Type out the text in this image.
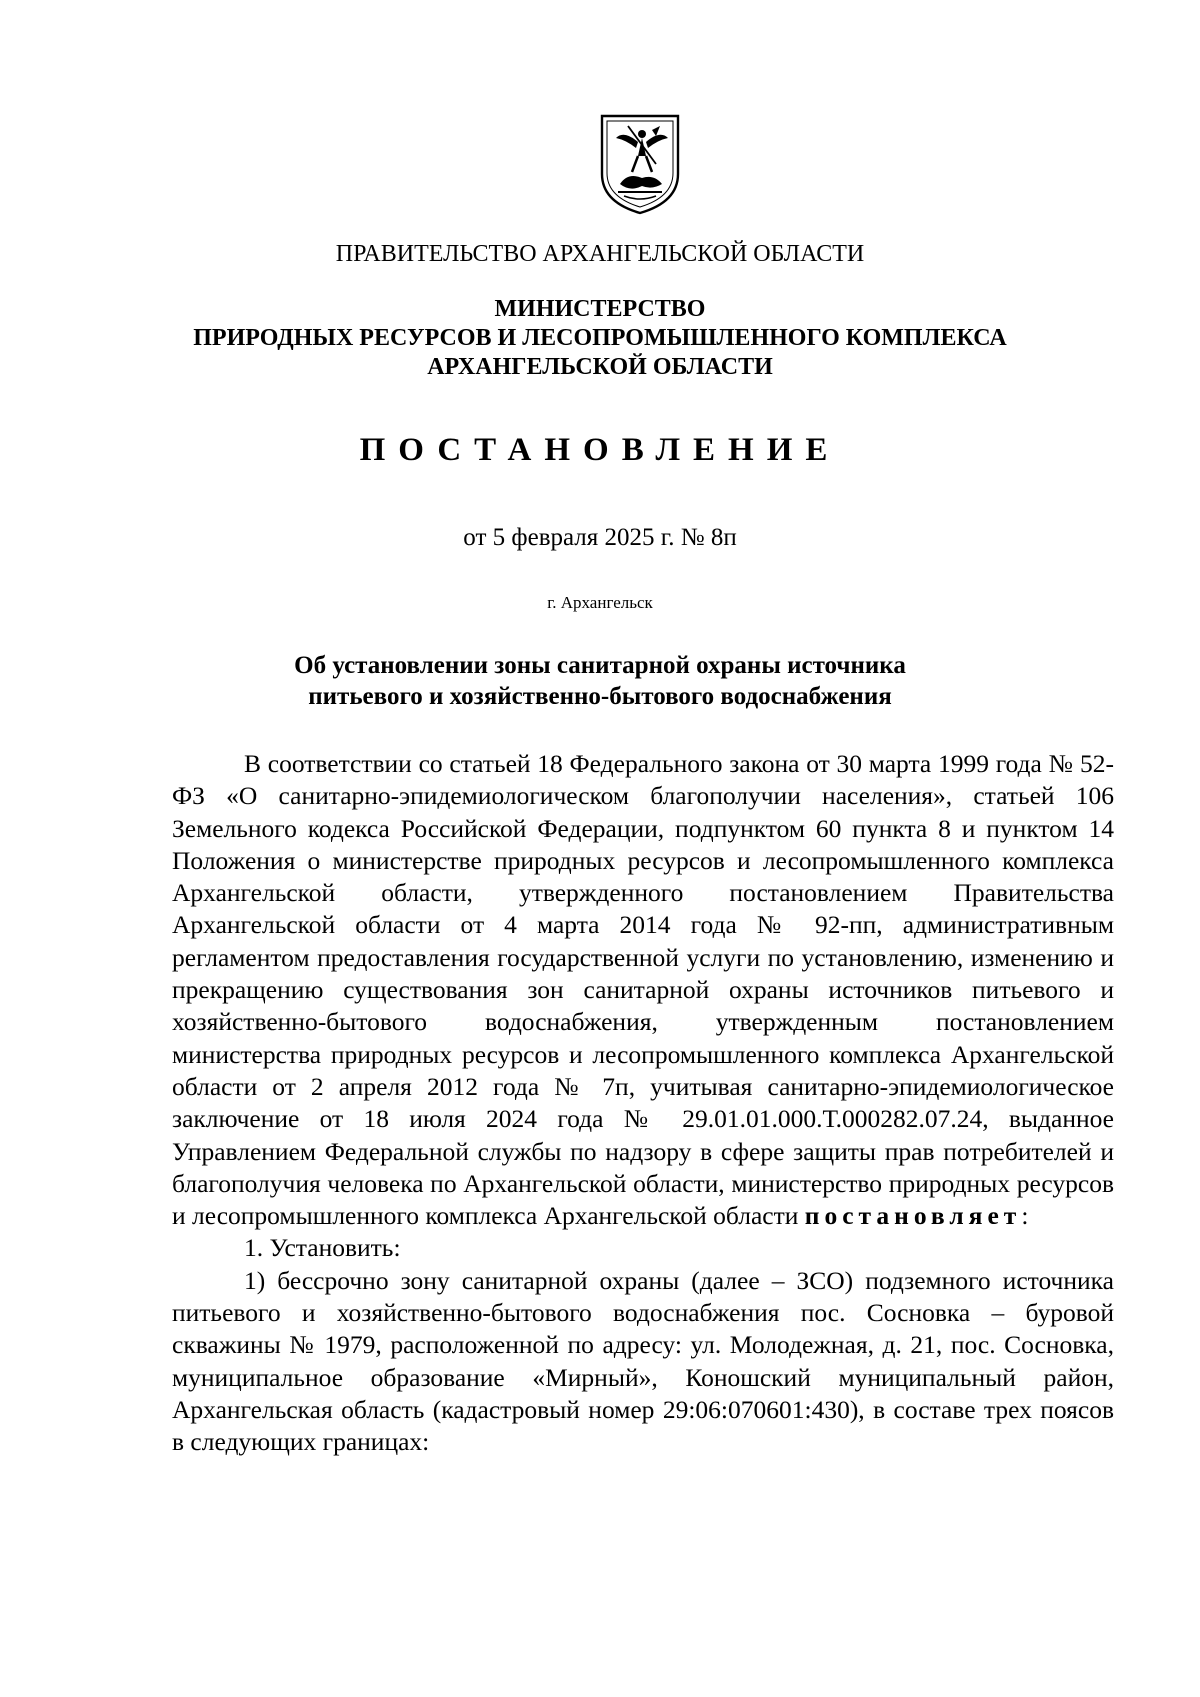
ПРАВИТЕЛЬСТВО АРХАНГЕЛЬСКОЙ ОБЛАСТИ
МИНИСТЕРСТВО
ПРИРОДНЫХ РЕСУРСОВ И ЛЕСОПРОМЫШЛЕННОГО КОМПЛЕКСА
АРХАНГЕЛЬСКОЙ ОБЛАСТИ
ПОСТАНОВЛЕНИЕ
от 5 февраля 2025 г. № 8п
г. Архангельск
Об установлении зоны санитарной охраны источника
питьевого и хозяйственно-бытового водоснабжения

В соответствии со статьей 18 Федерального закона от 30 марта 1999 года № 52-ФЗ «О санитарно-эпидемиологическом благополучии населения», статьей 106 Земельного кодекса Российской Федерации, подпунктом 60 пункта 8 и пунктом 14 Положения о министерстве природных ресурсов и лесопромышленного комплекса Архангельской области, утвержденного постановлением Правительства Архангельской области от 4 марта 2014 года № 92-пп, административным регламентом предоставления государственной услуги по установлению, изменению и прекращению существования зон санитарной охраны источников питьевого и хозяйственно-бытового водоснабжения, утвержденным постановлением министерства природных ресурсов и лесопромышленного комплекса Архангельской области от 2 апреля 2012 года № 7п, учитывая санитарно-эпидемиологическое заключение от 18 июля 2024 года № 29.01.01.000.Т.000282.07.24, выданное Управлением Федеральной службы по надзору в сфере защиты прав потребителей и благополучия человека по Архангельской области, министерство природных ресурсов и лесопромышленного комплекса Архангельской области постановляет:

1. Установить:

1) бессрочно зону санитарной охраны (далее – ЗСО) подземного источника питьевого и хозяйственно-бытового водоснабжения пос. Сосновка – буровой скважины № 1979, расположенной по адресу: ул. Молодежная, д. 21, пос. Сосновка, муниципальное образование «Мирный», Коношский муниципальный район, Архангельская область (кадастровый номер 29:06:070601:430), в составе трех поясов в следующих границах:
